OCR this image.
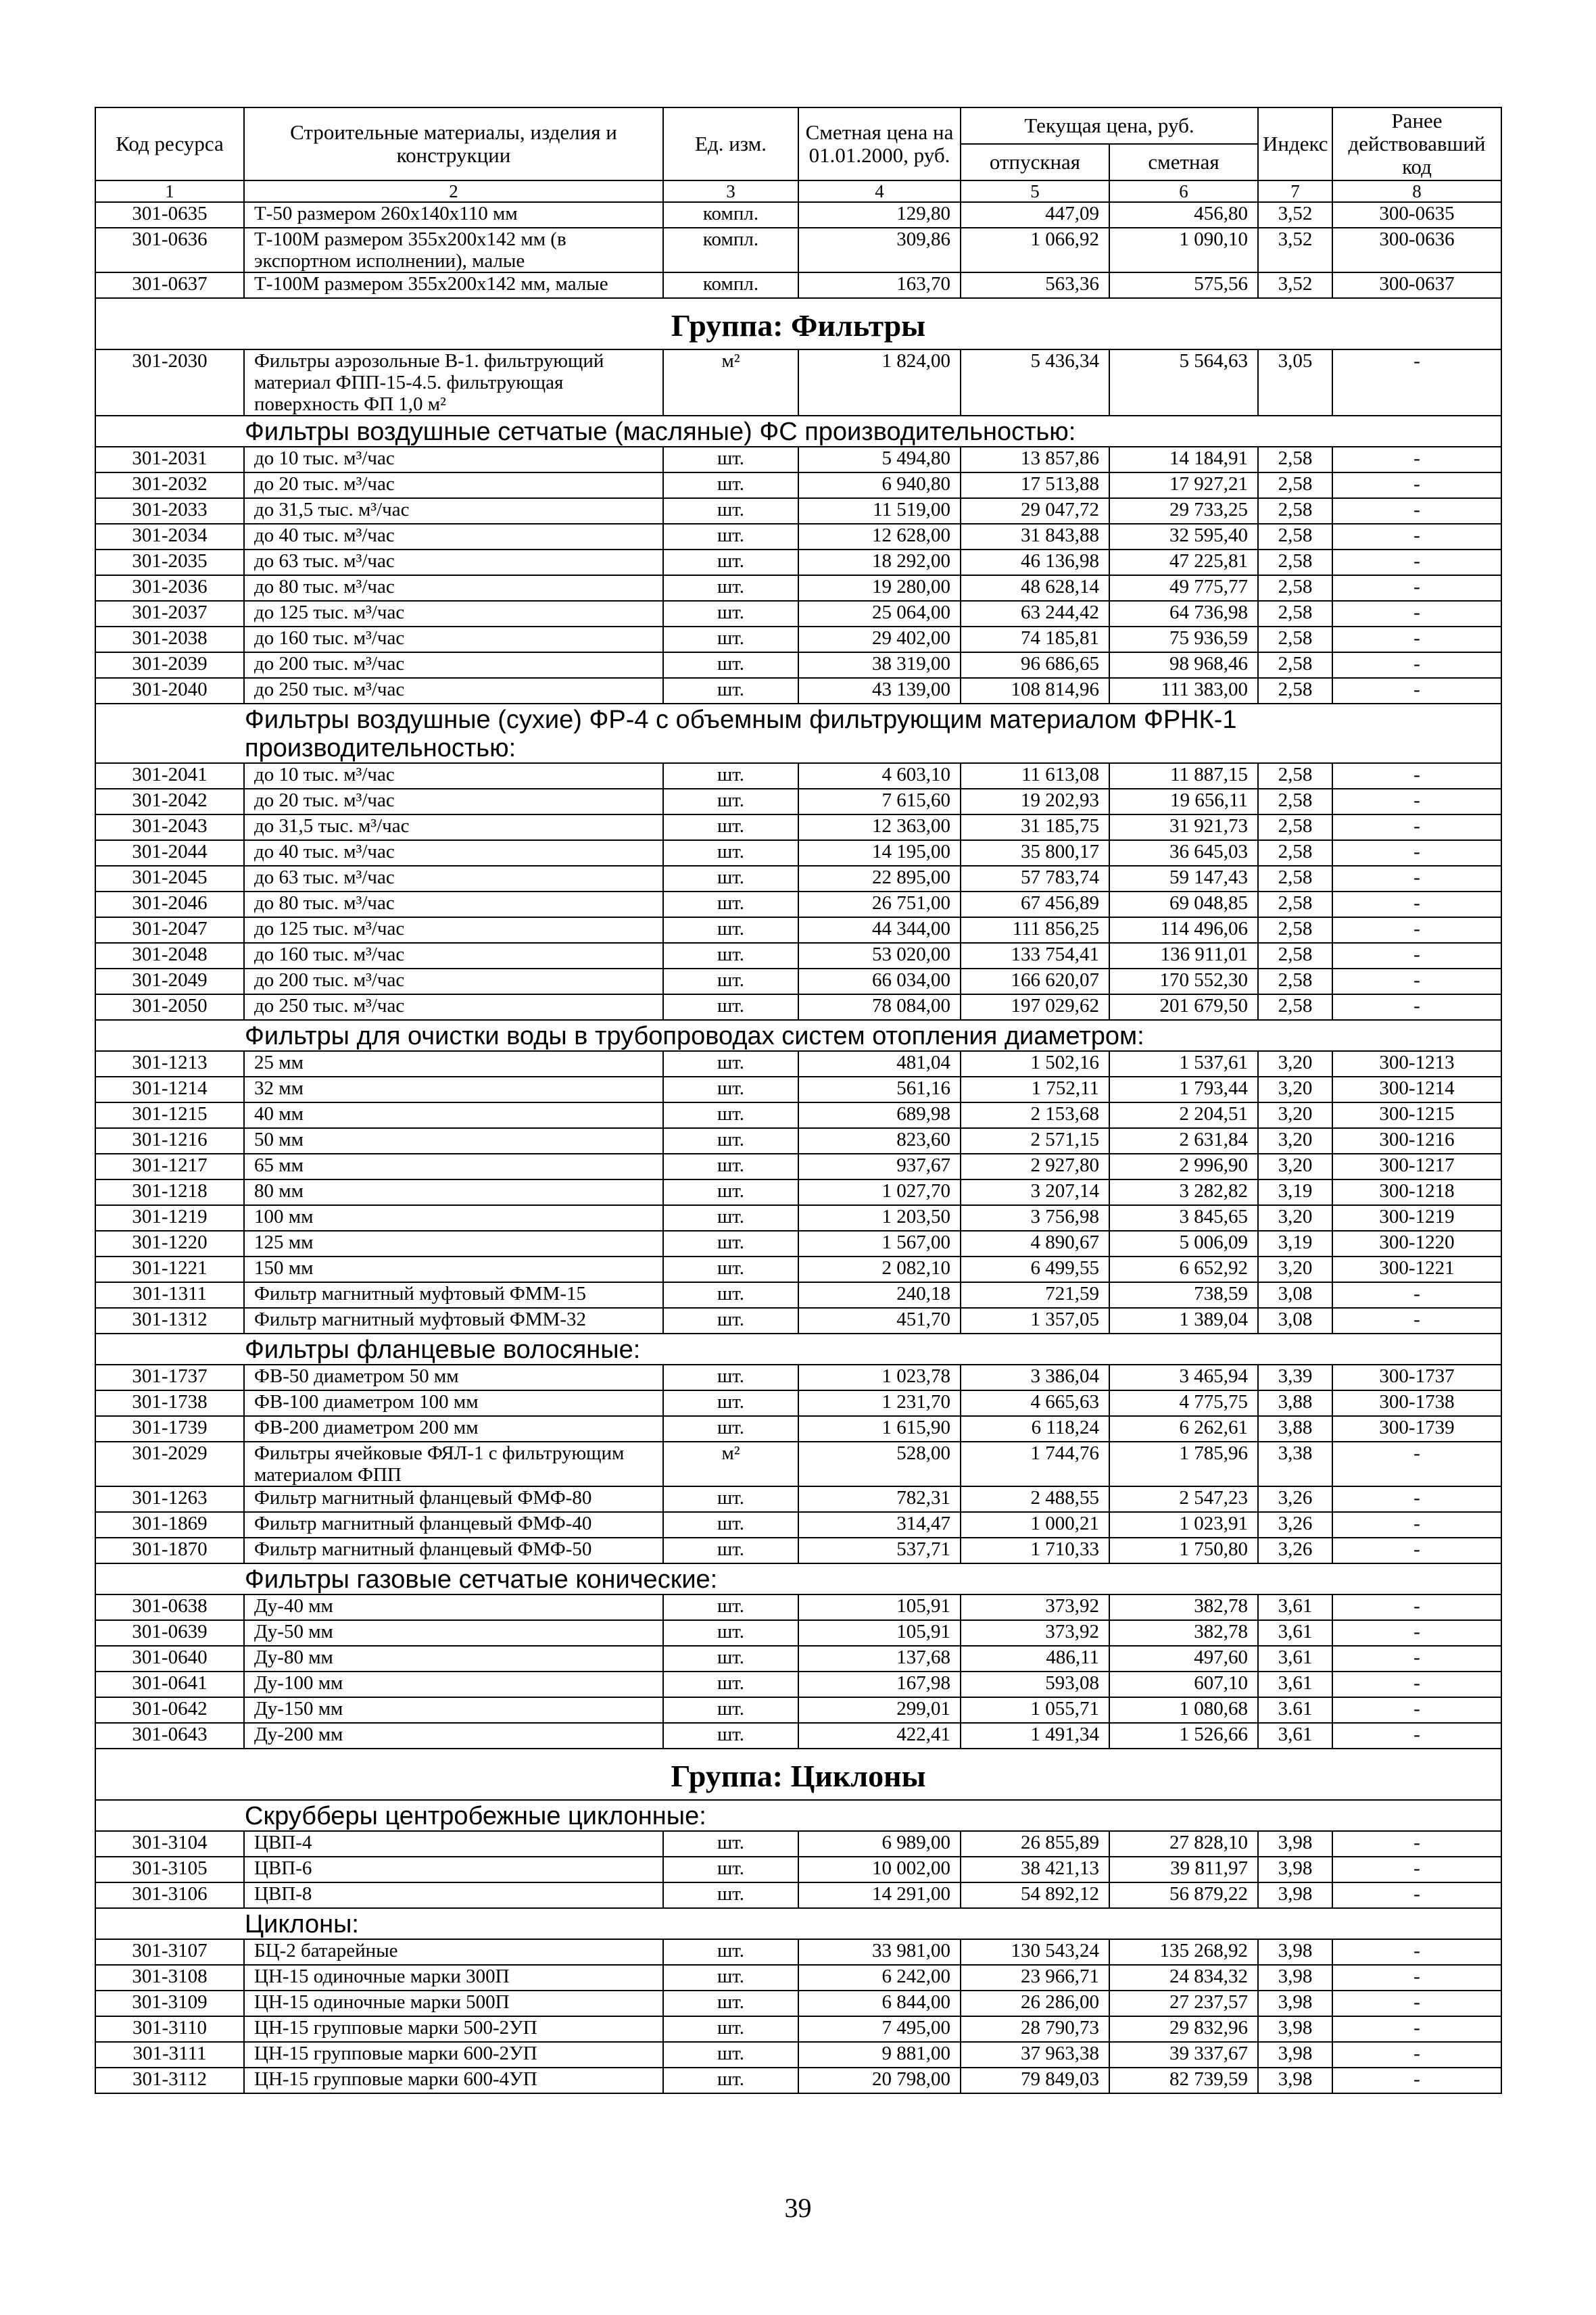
Код ресурса	Строительные материалы, изделия и конструкции	Ед. изм.	Сметная цена на 01.01.2000, руб.	Текущая цена, руб.		Индекс	Ранее действовавший код
				отпускная	сметная		
1	2	3	4	5	6	7	8
301-0635	Т-50 размером 260x140x110 мм	компл.	129,80	447,09	456,80	3,52	300-0635
301-0636	Т-100М размером 355x200x142 мм (в экспортном исполнении), малые	компл.	309,86	1 066,92	1 090,10	3,52	300-0636
301-0637	Т-100М размером 355x200x142 мм, малые	компл.	163,70	563,36	575,56	3,52	300-0637
Группа: Фильтры							
301-2030	Фильтры аэрозольные В-1. фильтрующий материал ФПП-15-4.5. фильтрующая поверхность ФП 1,0 м²	м²	1 824,00	5 436,34	5 564,63	3,05	-
Фильтры воздушные сетчатые (масляные) ФС производительностью:							
301-2031	до 10 тыс. м³/час	шт.	5 494,80	13 857,86	14 184,91	2,58	-
301-2032	до 20 тыс. м³/час	шт.	6 940,80	17 513,88	17 927,21	2,58	-
301-2033	до 31,5 тыс. м³/час	шт.	11 519,00	29 047,72	29 733,25	2,58	-
301-2034	до 40 тыс. м³/час	шт.	12 628,00	31 843,88	32 595,40	2,58	-
301-2035	до 63 тыс. м³/час	шт.	18 292,00	46 136,98	47 225,81	2,58	-
301-2036	до 80 тыс. м³/час	шт.	19 280,00	48 628,14	49 775,77	2,58	-
301-2037	до 125 тыс. м³/час	шт.	25 064,00	63 244,42	64 736,98	2,58	-
301-2038	до 160 тыс. м³/час	шт.	29 402,00	74 185,81	75 936,59	2,58	-
301-2039	до 200 тыс. м³/час	шт.	38 319,00	96 686,65	98 968,46	2,58	-
301-2040	до 250 тыс. м³/час	шт.	43 139,00	108 814,96	111 383,00	2,58	-
Фильтры воздушные (сухие) ФР-4 с объемным фильтрующим материалом ФРНК-1 производительностью:							
301-2041	до 10 тыс. м³/час	шт.	4 603,10	11 613,08	11 887,15	2,58	-
301-2042	до 20 тыс. м³/час	шт.	7 615,60	19 202,93	19 656,11	2,58	-
301-2043	до 31,5 тыс. м³/час	шт.	12 363,00	31 185,75	31 921,73	2,58	-
301-2044	до 40 тыс. м³/час	шт.	14 195,00	35 800,17	36 645,03	2,58	-
301-2045	до 63 тыс. м³/час	шт.	22 895,00	57 783,74	59 147,43	2,58	-
301-2046	до 80 тыс. м³/час	шт.	26 751,00	67 456,89	69 048,85	2,58	-
301-2047	до 125 тыс. м³/час	шт.	44 344,00	111 856,25	114 496,06	2,58	-
301-2048	до 160 тыс. м³/час	шт.	53 020,00	133 754,41	136 911,01	2,58	-
301-2049	до 200 тыс. м³/час	шт.	66 034,00	166 620,07	170 552,30	2,58	-
301-2050	до 250 тыс. м³/час	шт.	78 084,00	197 029,62	201 679,50	2,58	-
Фильтры для очистки воды в трубопроводах систем отопления диаметром:							
301-1213	25 мм	шт.	481,04	1 502,16	1 537,61	3,20	300-1213
301-1214	32 мм	шт.	561,16	1 752,11	1 793,44	3,20	300-1214
301-1215	40 мм	шт.	689,98	2 153,68	2 204,51	3,20	300-1215
301-1216	50 мм	шт.	823,60	2 571,15	2 631,84	3,20	300-1216
301-1217	65 мм	шт.	937,67	2 927,80	2 996,90	3,20	300-1217
301-1218	80 мм	шт.	1 027,70	3 207,14	3 282,82	3,19	300-1218
301-1219	100 мм	шт.	1 203,50	3 756,98	3 845,65	3,20	300-1219
301-1220	125 мм	шт.	1 567,00	4 890,67	5 006,09	3,19	300-1220
301-1221	150 мм	шт.	2 082,10	6 499,55	6 652,92	3,20	300-1221
301-1311	Фильтр магнитный муфтовый ФММ-15	шт.	240,18	721,59	738,59	3,08	-
301-1312	Фильтр магнитный муфтовый ФММ-32	шт.	451,70	1 357,05	1 389,04	3,08	-
Фильтры фланцевые волосяные:							
301-1737	ФВ-50 диаметром 50 мм	шт.	1 023,78	3 386,04	3 465,94	3,39	300-1737
301-1738	ФВ-100 диаметром 100 мм	шт.	1 231,70	4 665,63	4 775,75	3,88	300-1738
301-1739	ФВ-200 диаметром 200 мм	шт.	1 615,90	6 118,24	6 262,61	3,88	300-1739
301-2029	Фильтры ячейковые ФЯЛ-1 с фильтрующим материалом ФПП	м²	528,00	1 744,76	1 785,96	3,38	-
301-1263	Фильтр магнитный фланцевый ФМФ-80	шт.	782,31	2 488,55	2 547,23	3,26	-
301-1869	Фильтр магнитный фланцевый ФМФ-40	шт.	314,47	1 000,21	1 023,91	3,26	-
301-1870	Фильтр магнитный фланцевый ФМФ-50	шт.	537,71	1 710,33	1 750,80	3,26	-
Фильтры газовые сетчатые конические:							
301-0638	Ду-40 мм	шт.	105,91	373,92	382,78	3,61	-
301-0639	Ду-50 мм	шт.	105,91	373,92	382,78	3,61	-
301-0640	Ду-80 мм	шт.	137,68	486,11	497,60	3,61	-
301-0641	Ду-100 мм	шт.	167,98	593,08	607,10	3,61	-
301-0642	Ду-150 мм	шт.	299,01	1 055,71	1 080,68	3.61	-
301-0643	Ду-200 мм	шт.	422,41	1 491,34	1 526,66	3,61	-
Группа: Циклоны							
Скрубберы центробежные циклонные:							
301-3104	ЦВП-4	шт.	6 989,00	26 855,89	27 828,10	3,98	-
301-3105	ЦВП-6	шт.	10 002,00	38 421,13	39 811,97	3,98	-
301-3106	ЦВП-8	шт.	14 291,00	54 892,12	56 879,22	3,98	-
Циклоны:							
301-3107	БЦ-2 батарейные	шт.	33 981,00	130 543,24	135 268,92	3,98	-
301-3108	ЦН-15 одиночные марки 300П	шт.	6 242,00	23 966,71	24 834,32	3,98	-
301-3109	ЦН-15 одиночные марки 500П	шт.	6 844,00	26 286,00	27 237,57	3,98	-
301-3110	ЦН-15 групповые марки 500-2УП	шт.	7 495,00	28 790,73	29 832,96	3,98	-
301-3111	ЦН-15 групповые марки 600-2УП	шт.	9 881,00	37 963,38	39 337,67	3,98	-
301-3112	ЦН-15 групповые марки 600-4УП	шт.	20 798,00	79 849,03	82 739,59	3,98	-
39
